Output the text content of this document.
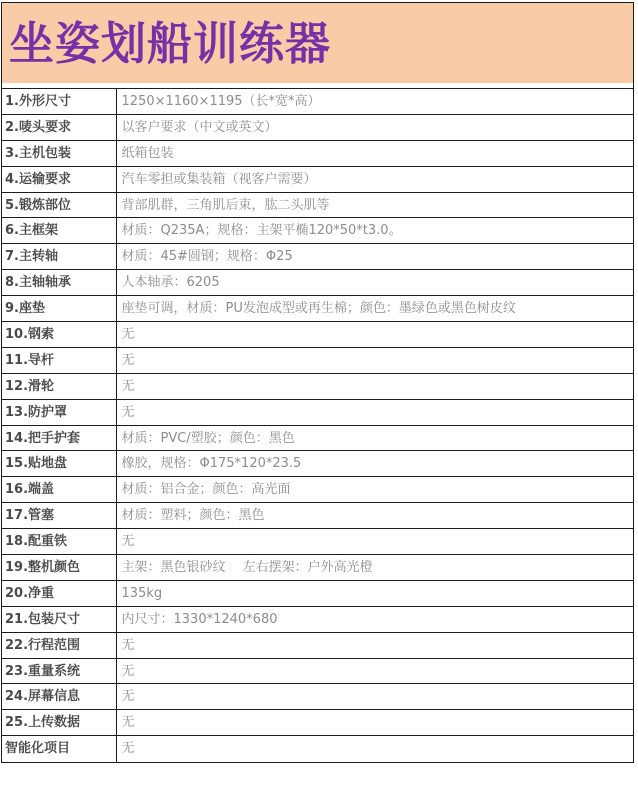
坐姿划船训练器
1.外形尺寸	1250×1160×1195（长*宽*高）
2.唛头要求	以客户要求（中文或英文）
3.主机包装	纸箱包装
4.运输要求	汽车零担或集装箱（视客户需要）
5.锻炼部位	背部肌群，三角肌后束，肱二头肌等
6.主框架	材质：Q235A；规格：主架平椭120*50*t3.0。
7.主转轴	材质：45#圆钢；规格：Φ25
8.主轴轴承	人本轴承：6205
9.座垫	座垫可调，材质：PU发泡成型或再生棉；颜色：墨绿色或黑色树皮纹
10.钢索	无
11.导杆	无
12.滑轮	无
13.防护罩	无
14.把手护套	材质：PVC/塑胶；颜色：黑色
15.贴地盘	橡胶，规格：Φ175*120*23.5
16.端盖	材质：铝合金；颜色：高光面
17.管塞	材质：塑料；颜色：黑色
18.配重铁	无
19.整机颜色	主架：黑色银砂纹　 左右摆架：户外高光橙
20.净重	135kg
21.包装尺寸	内尺寸：1330*1240*680
22.行程范围	无
23.重量系统	无
24.屏幕信息	无
25.上传数据	无
智能化项目	无
